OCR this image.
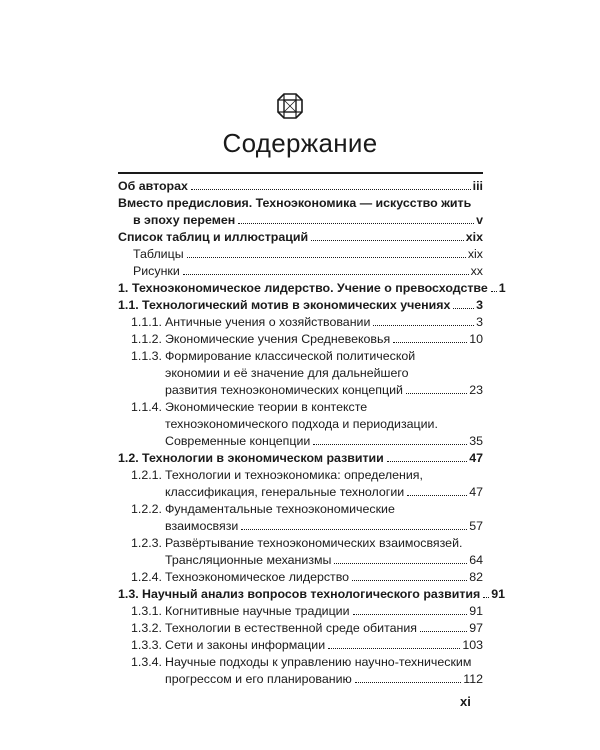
Содержание
Об авторах	iii
Вместо предисловия. Техноэкономика — искусство жить
в эпоху перемен	v
Список таблиц и иллюстраций	xix
Таблицы	xix
Рисунки	xx
1. Техноэкономическое лидерство. Учение о превосходстве 1
1.1. Технологический мотив в экономических учениях 3
1.1.1. Античные учения о хозяйствовании	3
1.1.2. Экономические учения Средневековья	10
1.1.3. Формирование классической политической
экономии и её значение для дальнейшего
развития техноэкономических концепций	23
1.1.4. Экономические теории в контексте
техноэкономического подхода и периодизации.
Современные концепции	35
1.2. Технологии в экономическом развитии	47
1.2.1. Технологии и техноэкономика: определения,
классификация, генеральные технологии	47
1.2.2. Фундаментальные техноэкономические
взаимосвязи	57
1.2.3. Развёртывание техноэкономических взаимосвязей.
Трансляционные механизмы	64
1.2.4. Техноэкономическое лидерство	82
1.3. Научный анализ вопросов технологического развития 91
1.3.1. Когнитивные научные традиции	91
1.3.2. Технологии в естественной среде обитания	97
1.3.3. Сети и законы информации	103
1.3.4. Научные подходы к управлению научно-техническим
прогрессом и его планированию	112
xi
